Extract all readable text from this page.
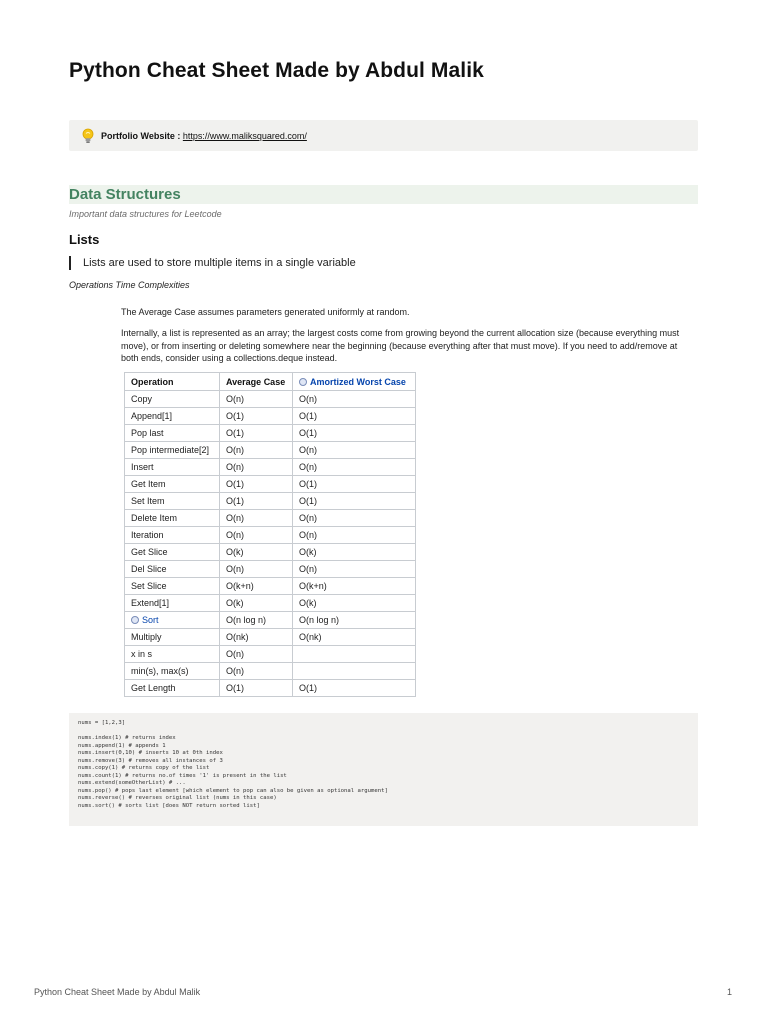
Python Cheat Sheet Made by Abdul Malik
Portfolio Website : https://www.maliksquared.com/
Data Structures
Important data structures for Leetcode
Lists
Lists are used to store multiple items in a single variable
Operations Time Complexities
The Average Case assumes parameters generated uniformly at random.
Internally, a list is represented as an array; the largest costs come from growing beyond the current allocation size (because everything must move), or from inserting or deleting somewhere near the beginning (because everything after that must move). If you need to add/remove at both ends, consider using a collections.deque instead.
Operation	Average Case	Amortized Worst Case
Copy	O(n)	O(n)
Append[1]	O(1)	O(1)
Pop last	O(1)	O(1)
Pop intermediate[2]	O(n)	O(n)
Insert	O(n)	O(n)
Get Item	O(1)	O(1)
Set Item	O(1)	O(1)
Delete Item	O(n)	O(n)
Iteration	O(n)	O(n)
Get Slice	O(k)	O(k)
Del Slice	O(n)	O(n)
Set Slice	O(k+n)	O(k+n)
Extend[1]	O(k)	O(k)
Sort	O(n log n)	O(n log n)
Multiply	O(nk)	O(nk)
x in s	O(n)	
min(s), max(s)	O(n)	
Get Length	O(1)	O(1)
nums = [1,2,3]
nums.index(1) # returns index
nums.append(1) # appends 1
nums.insert(0,10) # inserts 10 at 0th index
nums.remove(3) # removes all instances of 3
nums.copy(1) # returns copy of the list
nums.count(1) # returns no.of times '1' is present in the list
nums.extend(someOtherList) # ...
nums.pop() # pops last element [which element to pop can also be given as optional argument]
nums.reverse() # reverses original list (nums in this case)
nums.sort() # sorts list [does NOT return sorted list]
Python Cheat Sheet Made by Abdul Malik	1
